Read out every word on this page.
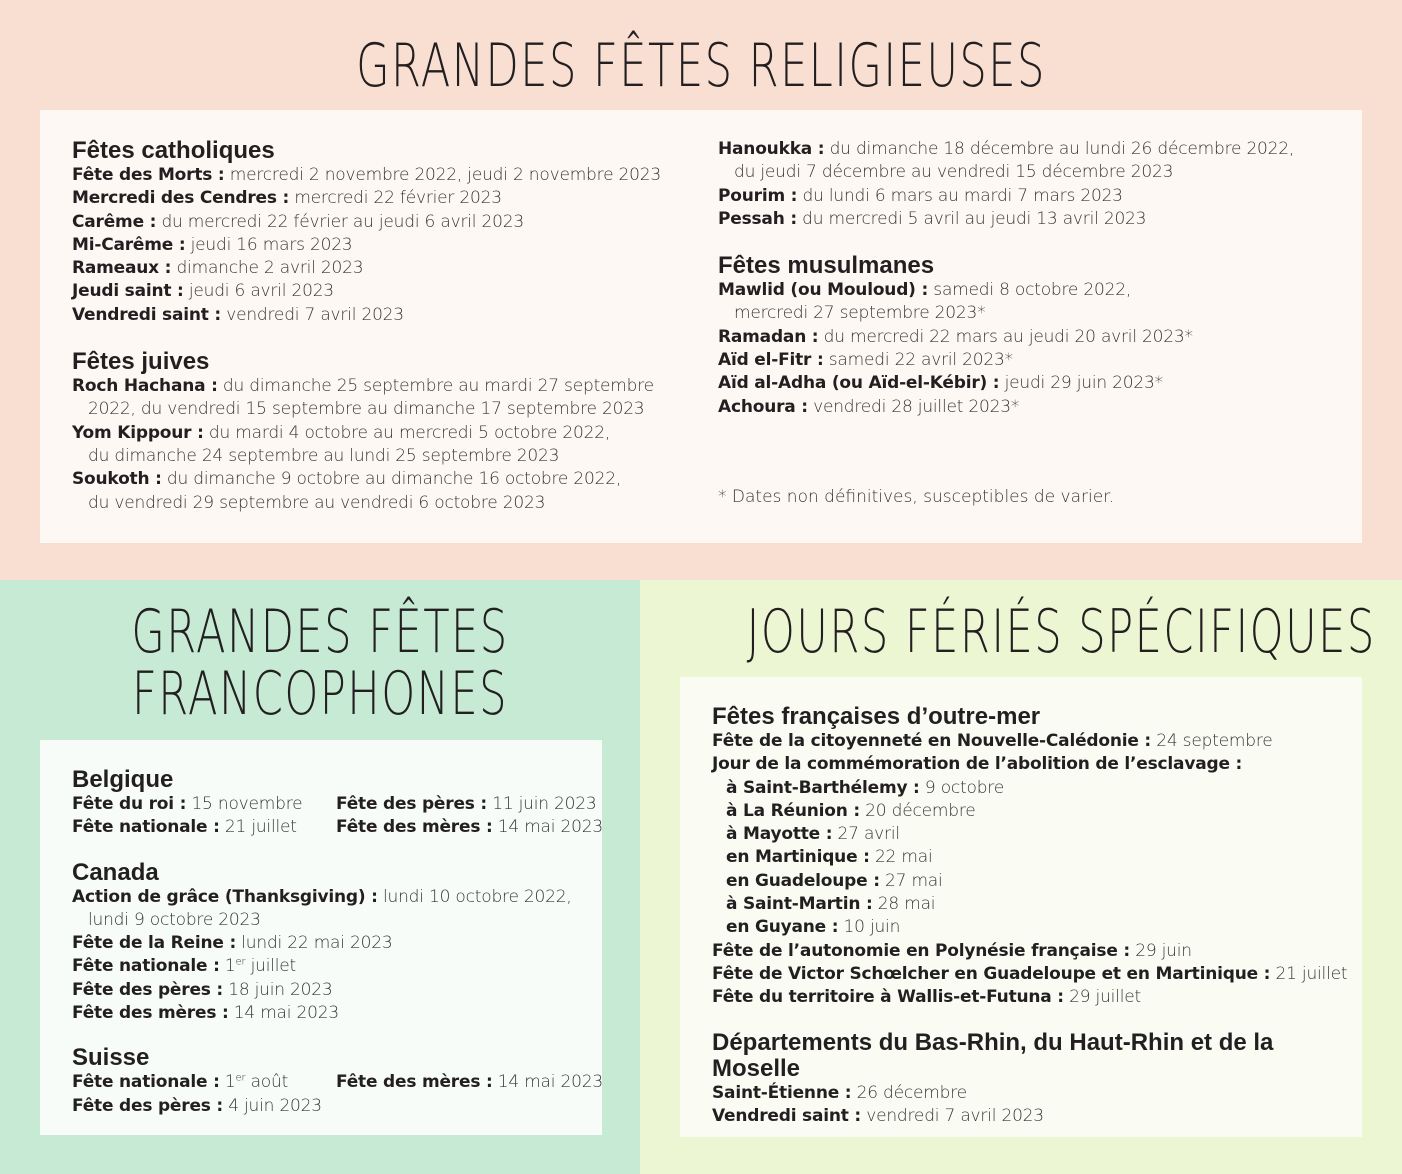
GRANDES FÊTES RELIGIEUSES

Fêtes catholiques

Fête des Morts : mercredi 2 novembre 2022, jeudi 2 novembre 2023
Mercredi des Cendres : mercredi 22 février 2023
Carême : du mercredi 22 février au jeudi 6 avril 2023
Mi-Carême : jeudi 16 mars 2023
Rameaux : dimanche 2 avril 2023
Jeudi saint : jeudi 6 avril 2023
Vendredi saint : vendredi 7 avril 2023

Fêtes juives

Roch Hachana : du dimanche 25 septembre au mardi 27 septembre
2022, du vendredi 15 septembre au dimanche 17 septembre 2023
Yom Kippour : du mardi 4 octobre au mercredi 5 octobre 2022,
du dimanche 24 septembre au lundi 25 septembre 2023
Soukoth : du dimanche 9 octobre au dimanche 16 octobre 2022,
du vendredi 29 septembre au vendredi 6 octobre 2023
Hanoukka : du dimanche 18 décembre au lundi 26 décembre 2022,
du jeudi 7 décembre au vendredi 15 décembre 2023
Pourim : du lundi 6 mars au mardi 7 mars 2023
Pessah : du mercredi 5 avril au jeudi 13 avril 2023

Fêtes musulmanes

Mawlid (ou Mouloud) : samedi 8 octobre 2022,
mercredi 27 septembre 2023*
Ramadan : du mercredi 22 mars au jeudi 20 avril 2023*
Aïd el-Fitr : samedi 22 avril 2023*
Aïd al-Adha (ou Aïd-el-Kébir) : jeudi 29 juin 2023*
Achoura : vendredi 28 juillet 2023*
* Dates non définitives, susceptibles de varier.
GRANDES FÊTES
FRANCOPHONES

Belgique

Fête du roi : 15 novembre
Fête nationale : 21 juillet
Fête des pères : 11 juin 2023
Fête des mères : 14 mai 2023

Canada

Action de grâce (Thanksgiving) : lundi 10 octobre 2022,
lundi 9 octobre 2023
Fête de la Reine : lundi 22 mai 2023
Fête nationale : 1er juillet
Fête des pères : 18 juin 2023
Fête des mères : 14 mai 2023

Suisse

Fête nationale : 1er août
Fête des pères : 4 juin 2023
Fête des mères : 14 mai 2023
JOURS FÉRIÉS SPÉCIFIQUES

Fêtes françaises d’outre-mer

Fête de la citoyenneté en Nouvelle-Calédonie : 24 septembre
Jour de la commémoration de l’abolition de l’esclavage :
à Saint-Barthélemy : 9 octobre
à La Réunion : 20 décembre
à Mayotte : 27 avril
en Martinique : 22 mai
en Guadeloupe : 27 mai
à Saint-Martin : 28 mai
en Guyane : 10 juin
Fête de l’autonomie en Polynésie française : 29 juin
Fête de Victor Schœlcher en Guadeloupe et en Martinique : 21 juillet
Fête du territoire à Wallis-et-Futuna : 29 juillet

Départements du Bas-Rhin, du Haut-Rhin et de la Moselle

Saint-Étienne : 26 décembre
Vendredi saint : vendredi 7 avril 2023
